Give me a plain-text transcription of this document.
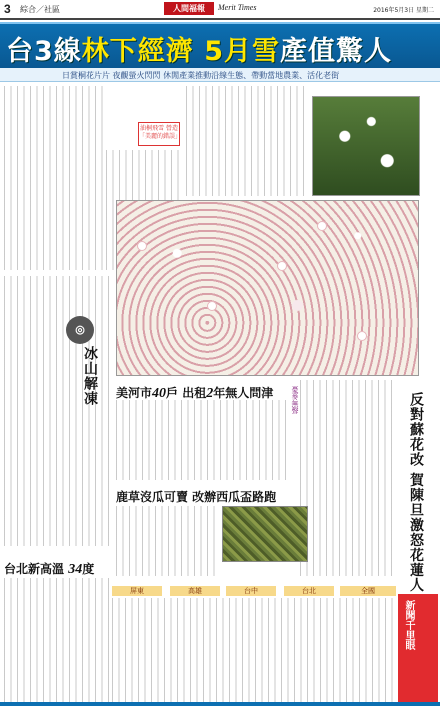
3 綜合／社區	人間福報	Merit Times	2016年5月3日 星期二
台3線林下經濟 5月雪產值驚人
日賞桐花片片 夜觀螢火閃閃 休閒產業推動沿線生態、帶動當地農業、活化老街
油桐飛雪 營造「美麗的錯誤」
美河市40戶 出租2年無人問津
鹿草沒瓜可賣 改辦西瓜盃路跑
台北新高溫 34度
冰山解凍
反對蘇花改 賀陳旦激怒花蓮人
憂麥無聲
◎
屏東	高雄	台中	台北	全國
新聞千里眼
